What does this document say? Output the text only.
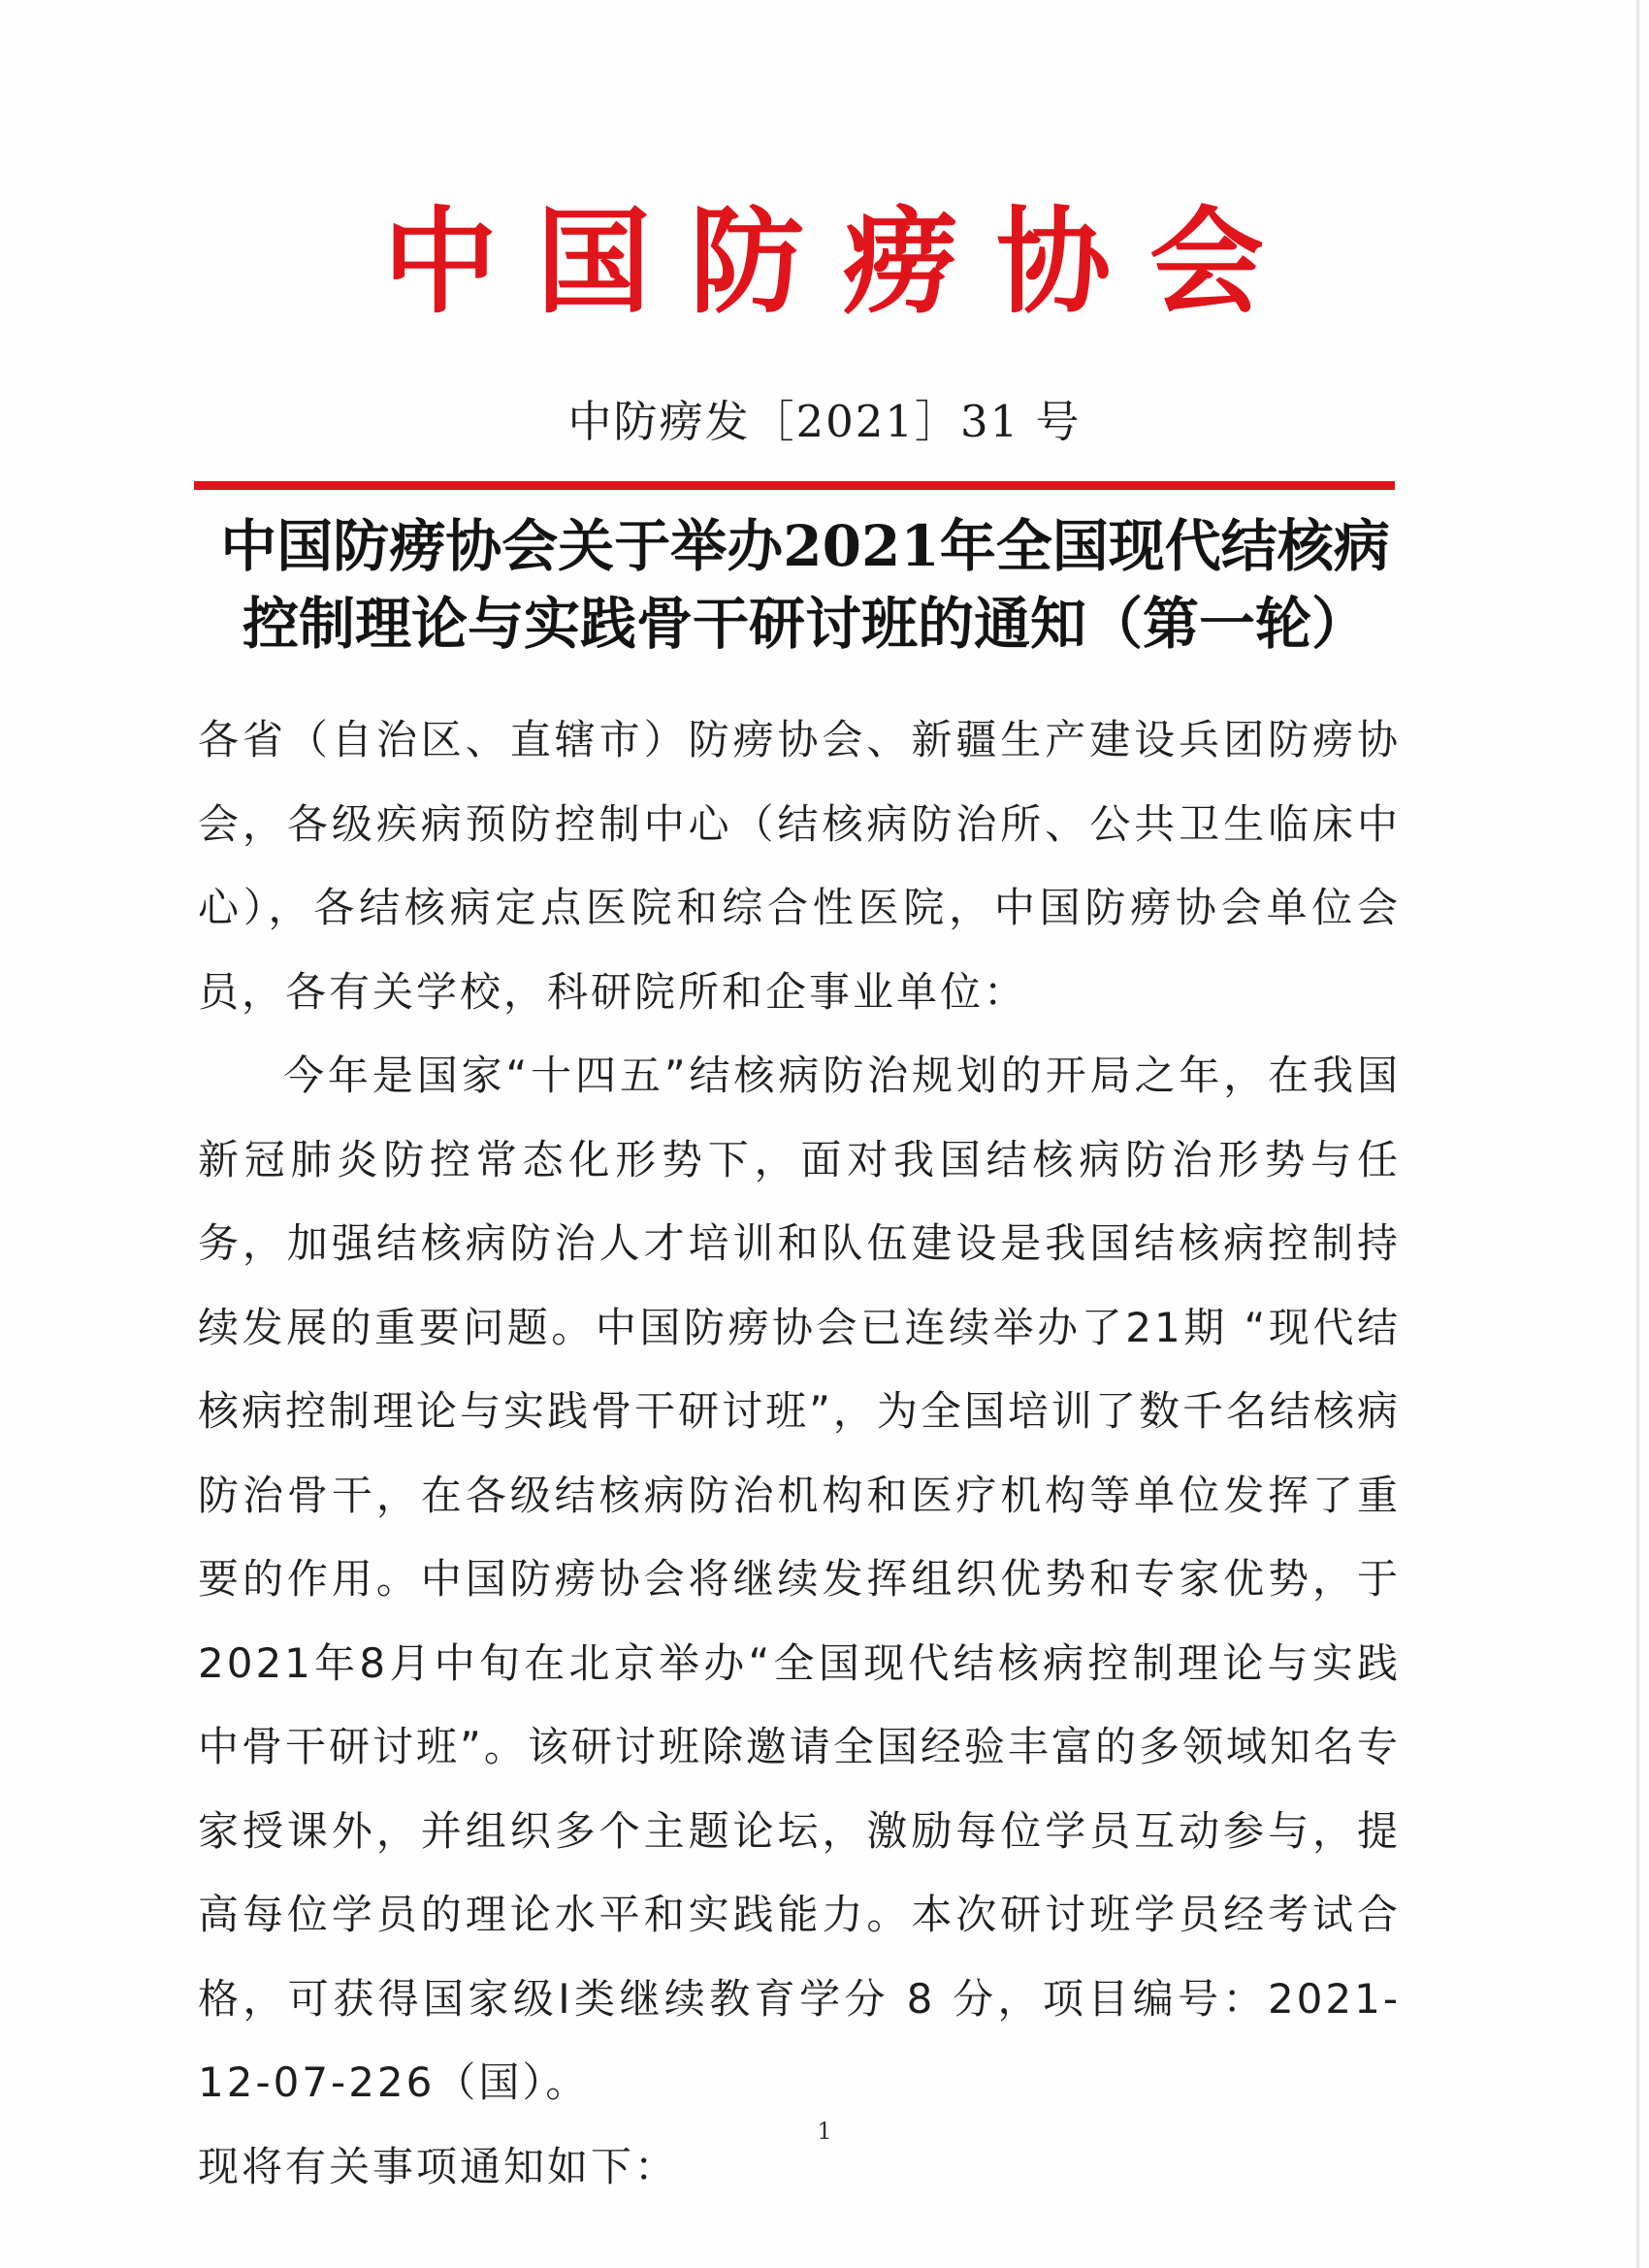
中国防痨协会
中防痨发［2021］31 号
中国防痨协会关于举办2021年全国现代结核病
控制理论与实践骨干研讨班的通知（第一轮）

各省（自治区、直辖市）防痨协会、新疆生产建设兵团防痨协会，各级疾病预防控制中心（结核病防治所、公共卫生临床中心），各结核病定点医院和综合性医院，中国防痨协会单位会员，各有关学校，科研院所和企事业单位：

今年是国家“十四五”结核病防治规划的开局之年，在我国新冠肺炎防控常态化形势下，面对我国结核病防治形势与任务，加强结核病防治人才培训和队伍建设是我国结核病控制持续发展的重要问题。中国防痨协会已连续举办了21期 “现代结核病控制理论与实践骨干研讨班”，为全国培训了数千名结核病防治骨干，在各级结核病防治机构和医疗机构等单位发挥了重要的作用。中国防痨协会将继续发挥组织优势和专家优势，于2021年8月中旬在北京举办“全国现代结核病控制理论与实践中骨干研讨班”。该研讨班除邀请全国经验丰富的多领域知名专家授课外，并组织多个主题论坛，激励每位学员互动参与，提高每位学员的理论水平和实践能力。本次研讨班学员经考试合格，可获得国家级Ⅰ类继续教育学分 8 分，项目编号：2021-12-07-226（国）。

现将有关事项通知如下：

1
